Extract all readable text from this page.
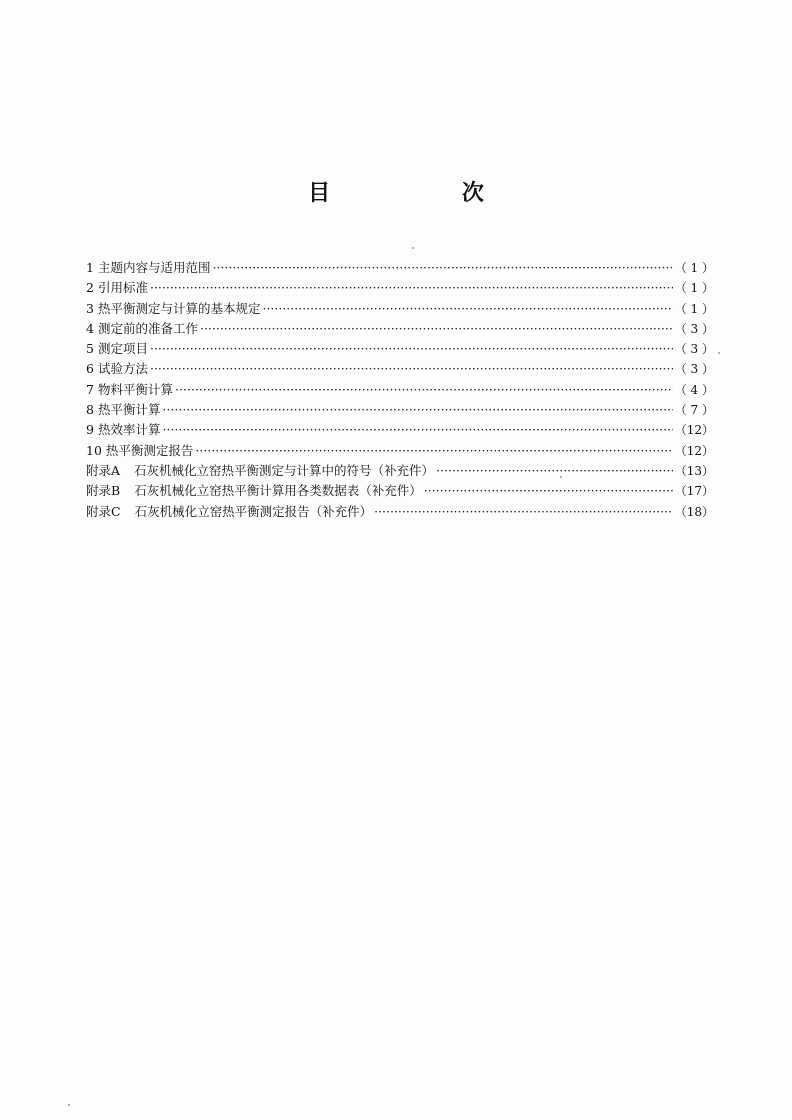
目 次
1 主题内容与适用范围 ·····	（ 1 ）
2 引用标准 ·····	（ 1 ）
3 热平衡测定与计算的基本规定 ·····	（ 1 ）
4 测定前的准备工作 ·····	（ 3 ）
5 测定项目 ·····	（ 3 ）
6 试验方法 ·····	（ 3 ）
7 物料平衡计算 ·····	（ 4 ）
8 热平衡计算 ·····	（ 7 ）
9 热效率计算 ·····	（12）
10 热平衡测定报告 ·····	（12）
附录A 石灰机械化立窑热平衡测定与计算中的符号（补充件） ·····	（13）
附录B 石灰机械化立窑热平衡计算用各类数据表（补充件） ·····	（17）
附录C 石灰机械化立窑热平衡测定报告（补充件） ·····	（18）
